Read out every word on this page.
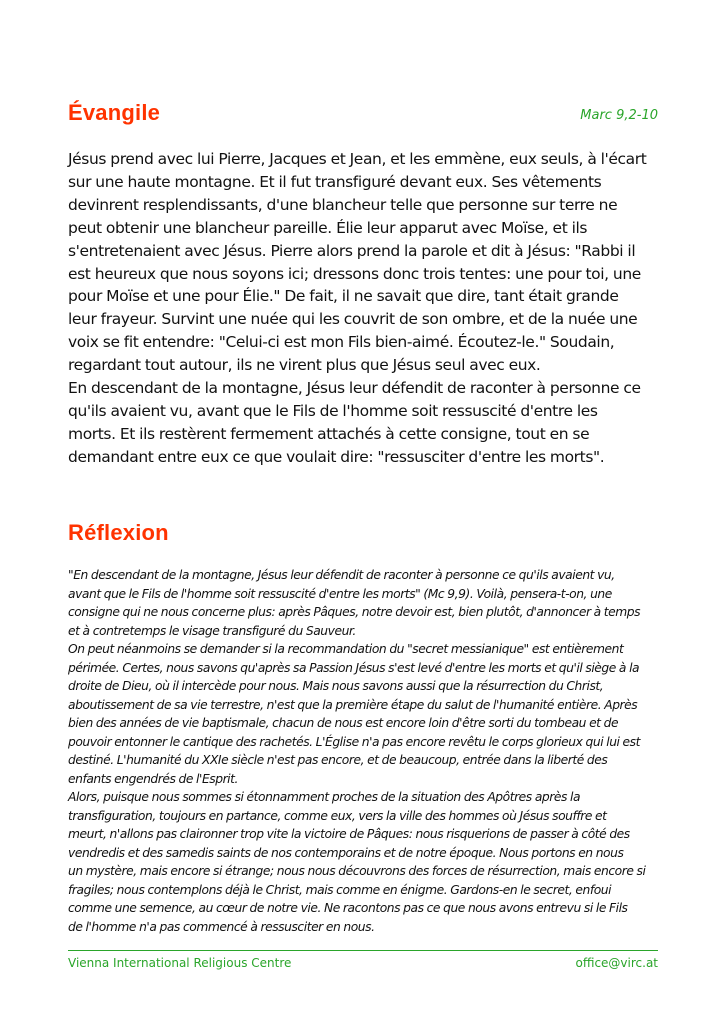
Évangile	Marc 9,2-10

Jésus prend avec lui Pierre, Jacques et Jean, et les emmène, eux seuls, à l'écart
sur une haute montagne. Et il fut transfiguré devant eux. Ses vêtements
devinrent resplendissants, d'une blancheur telle que personne sur terre ne
peut obtenir une blancheur pareille. Élie leur apparut avec Moïse, et ils
s'entretenaient avec Jésus. Pierre alors prend la parole et dit à Jésus: "Rabbi il
est heureux que nous soyons ici; dressons donc trois tentes: une pour toi, une
pour Moïse et une pour Élie." De fait, il ne savait que dire, tant était grande
leur frayeur. Survint une nuée qui les couvrit de son ombre, et de la nuée une
voix se fit entendre: "Celui-ci est mon Fils bien-aimé. Écoutez-le." Soudain,
regardant tout autour, ils ne virent plus que Jésus seul avec eux.
En descendant de la montagne, Jésus leur défendit de raconter à personne ce
qu'ils avaient vu, avant que le Fils de l'homme soit ressuscité d'entre les
morts. Et ils restèrent fermement attachés à cette consigne, tout en se
demandant entre eux ce que voulait dire: "ressusciter d'entre les morts".

Réflexion

"En descendant de la montagne, Jésus leur défendit de raconter à personne ce qu'ils avaient vu,
avant que le Fils de l'homme soit ressuscité d'entre les morts" (Mc 9,9). Voilà, pensera-t-on, une
consigne qui ne nous concerne plus: après Pâques, notre devoir est, bien plutôt, d'annoncer à temps
et à contretemps le visage transfiguré du Sauveur.
On peut néanmoins se demander si la recommandation du "secret messianique" est entièrement
périmée. Certes, nous savons qu'après sa Passion Jésus s'est levé d'entre les morts et qu'il siège à la
droite de Dieu, où il intercède pour nous. Mais nous savons aussi que la résurrection du Christ,
aboutissement de sa vie terrestre, n'est que la première étape du salut de l'humanité entière. Après
bien des années de vie baptismale, chacun de nous est encore loin d'être sorti du tombeau et de
pouvoir entonner le cantique des rachetés. L'Église n'a pas encore revêtu le corps glorieux qui lui est
destiné. L'humanité du XXIe siècle n'est pas encore, et de beaucoup, entrée dans la liberté des
enfants engendrés de l'Esprit.
Alors, puisque nous sommes si étonnamment proches de la situation des Apôtres après la
transfiguration, toujours en partance, comme eux, vers la ville des hommes où Jésus souffre et
meurt, n'allons pas claironner trop vite la victoire de Pâques: nous risquerions de passer à côté des
vendredis et des samedis saints de nos contemporains et de notre époque. Nous portons en nous
un mystère, mais encore si étrange; nous nous découvrons des forces de résurrection, mais encore si
fragiles; nous contemplons déjà le Christ, mais comme en énigme. Gardons-en le secret, enfoui
comme une semence, au cœur de notre vie. Ne racontons pas ce que nous avons entrevu si le Fils
de l'homme n'a pas commencé à ressusciter en nous.

Vienna International Religious Centre	office@virc.at
